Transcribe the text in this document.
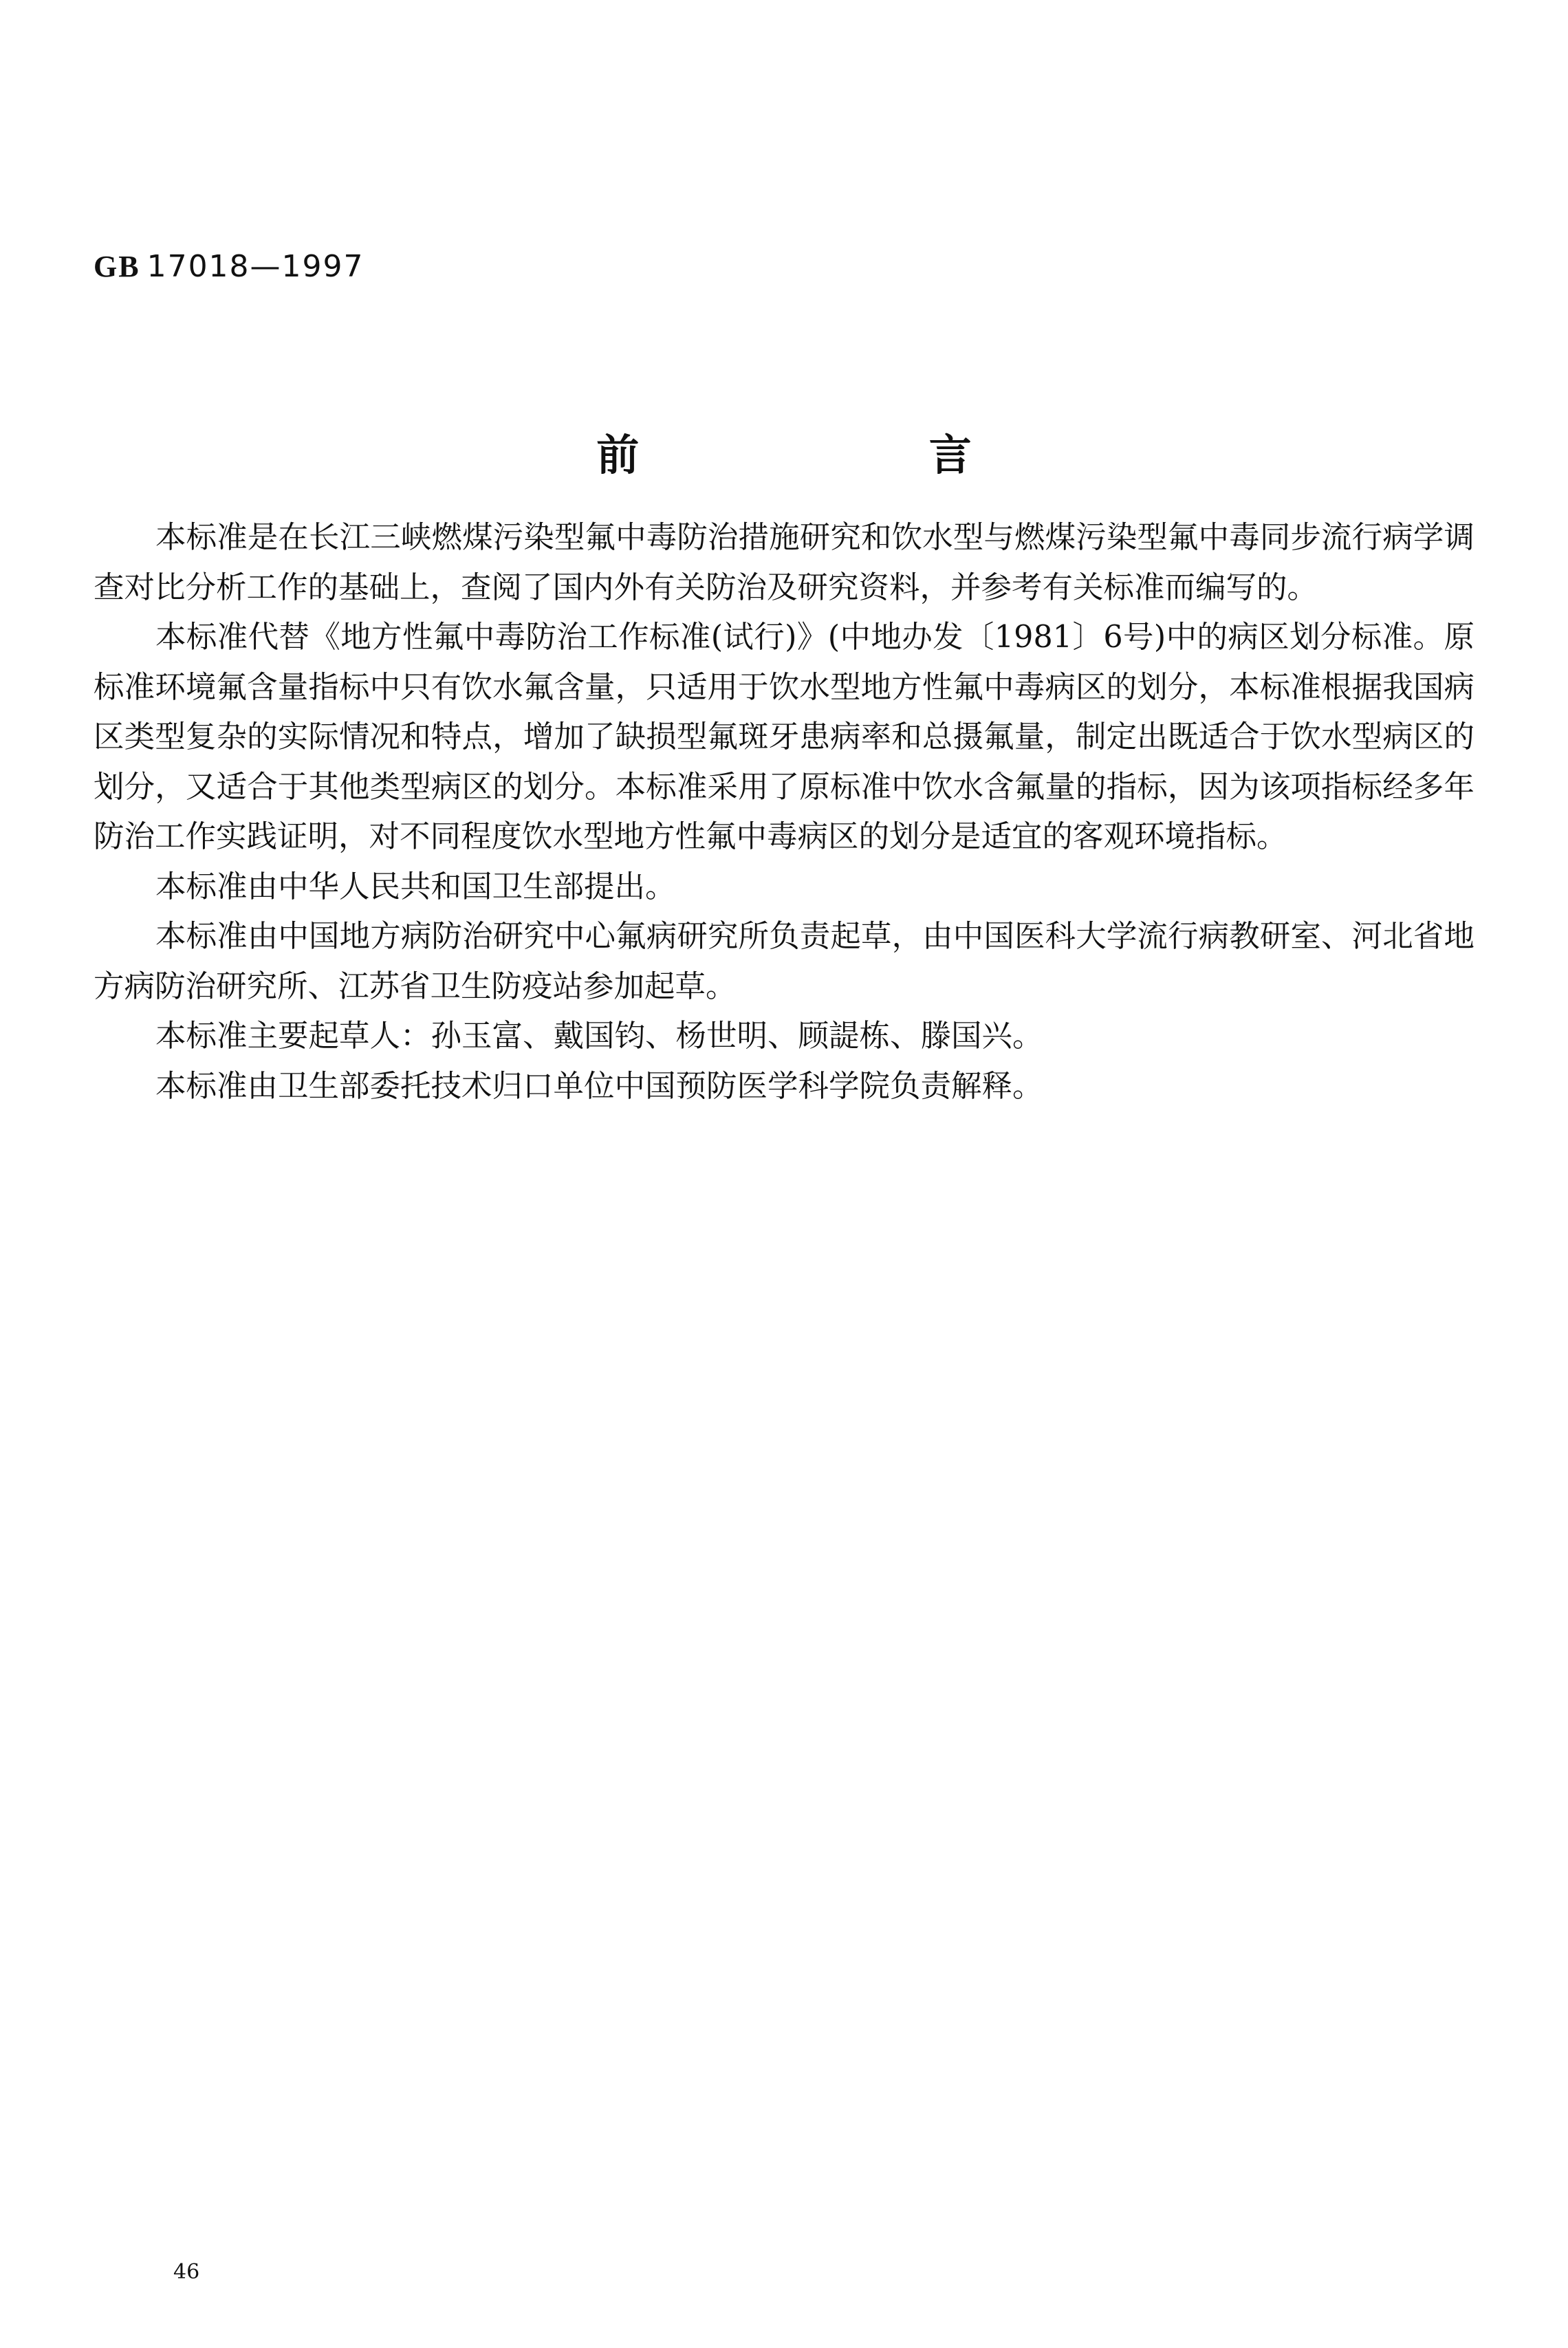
GB 17018—1997
前 言

本标准是在长江三峡燃煤污染型氟中毒防治措施研究和饮水型与燃煤污染型氟中毒同步流行病学调查对比分析工作的基础上，查阅了国内外有关防治及研究资料，并参考有关标准而编写的。

本标准代替《地方性氟中毒防治工作标准(试行)》(中地办发〔1981〕6号)中的病区划分标准。原标准环境氟含量指标中只有饮水氟含量，只适用于饮水型地方性氟中毒病区的划分，本标准根据我国病区类型复杂的实际情况和特点，增加了缺损型氟斑牙患病率和总摄氟量，制定出既适合于饮水型病区的划分，又适合于其他类型病区的划分。本标准采用了原标准中饮水含氟量的指标，因为该项指标经多年防治工作实践证明，对不同程度饮水型地方性氟中毒病区的划分是适宜的客观环境指标。

本标准由中华人民共和国卫生部提出。

本标准由中国地方病防治研究中心氟病研究所负责起草，由中国医科大学流行病教研室、河北省地方病防治研究所、江苏省卫生防疫站参加起草。

本标准主要起草人：孙玉富、戴国钧、杨世明、顾諟栋、滕国兴。

本标准由卫生部委托技术归口单位中国预防医学科学院负责解释。

46
